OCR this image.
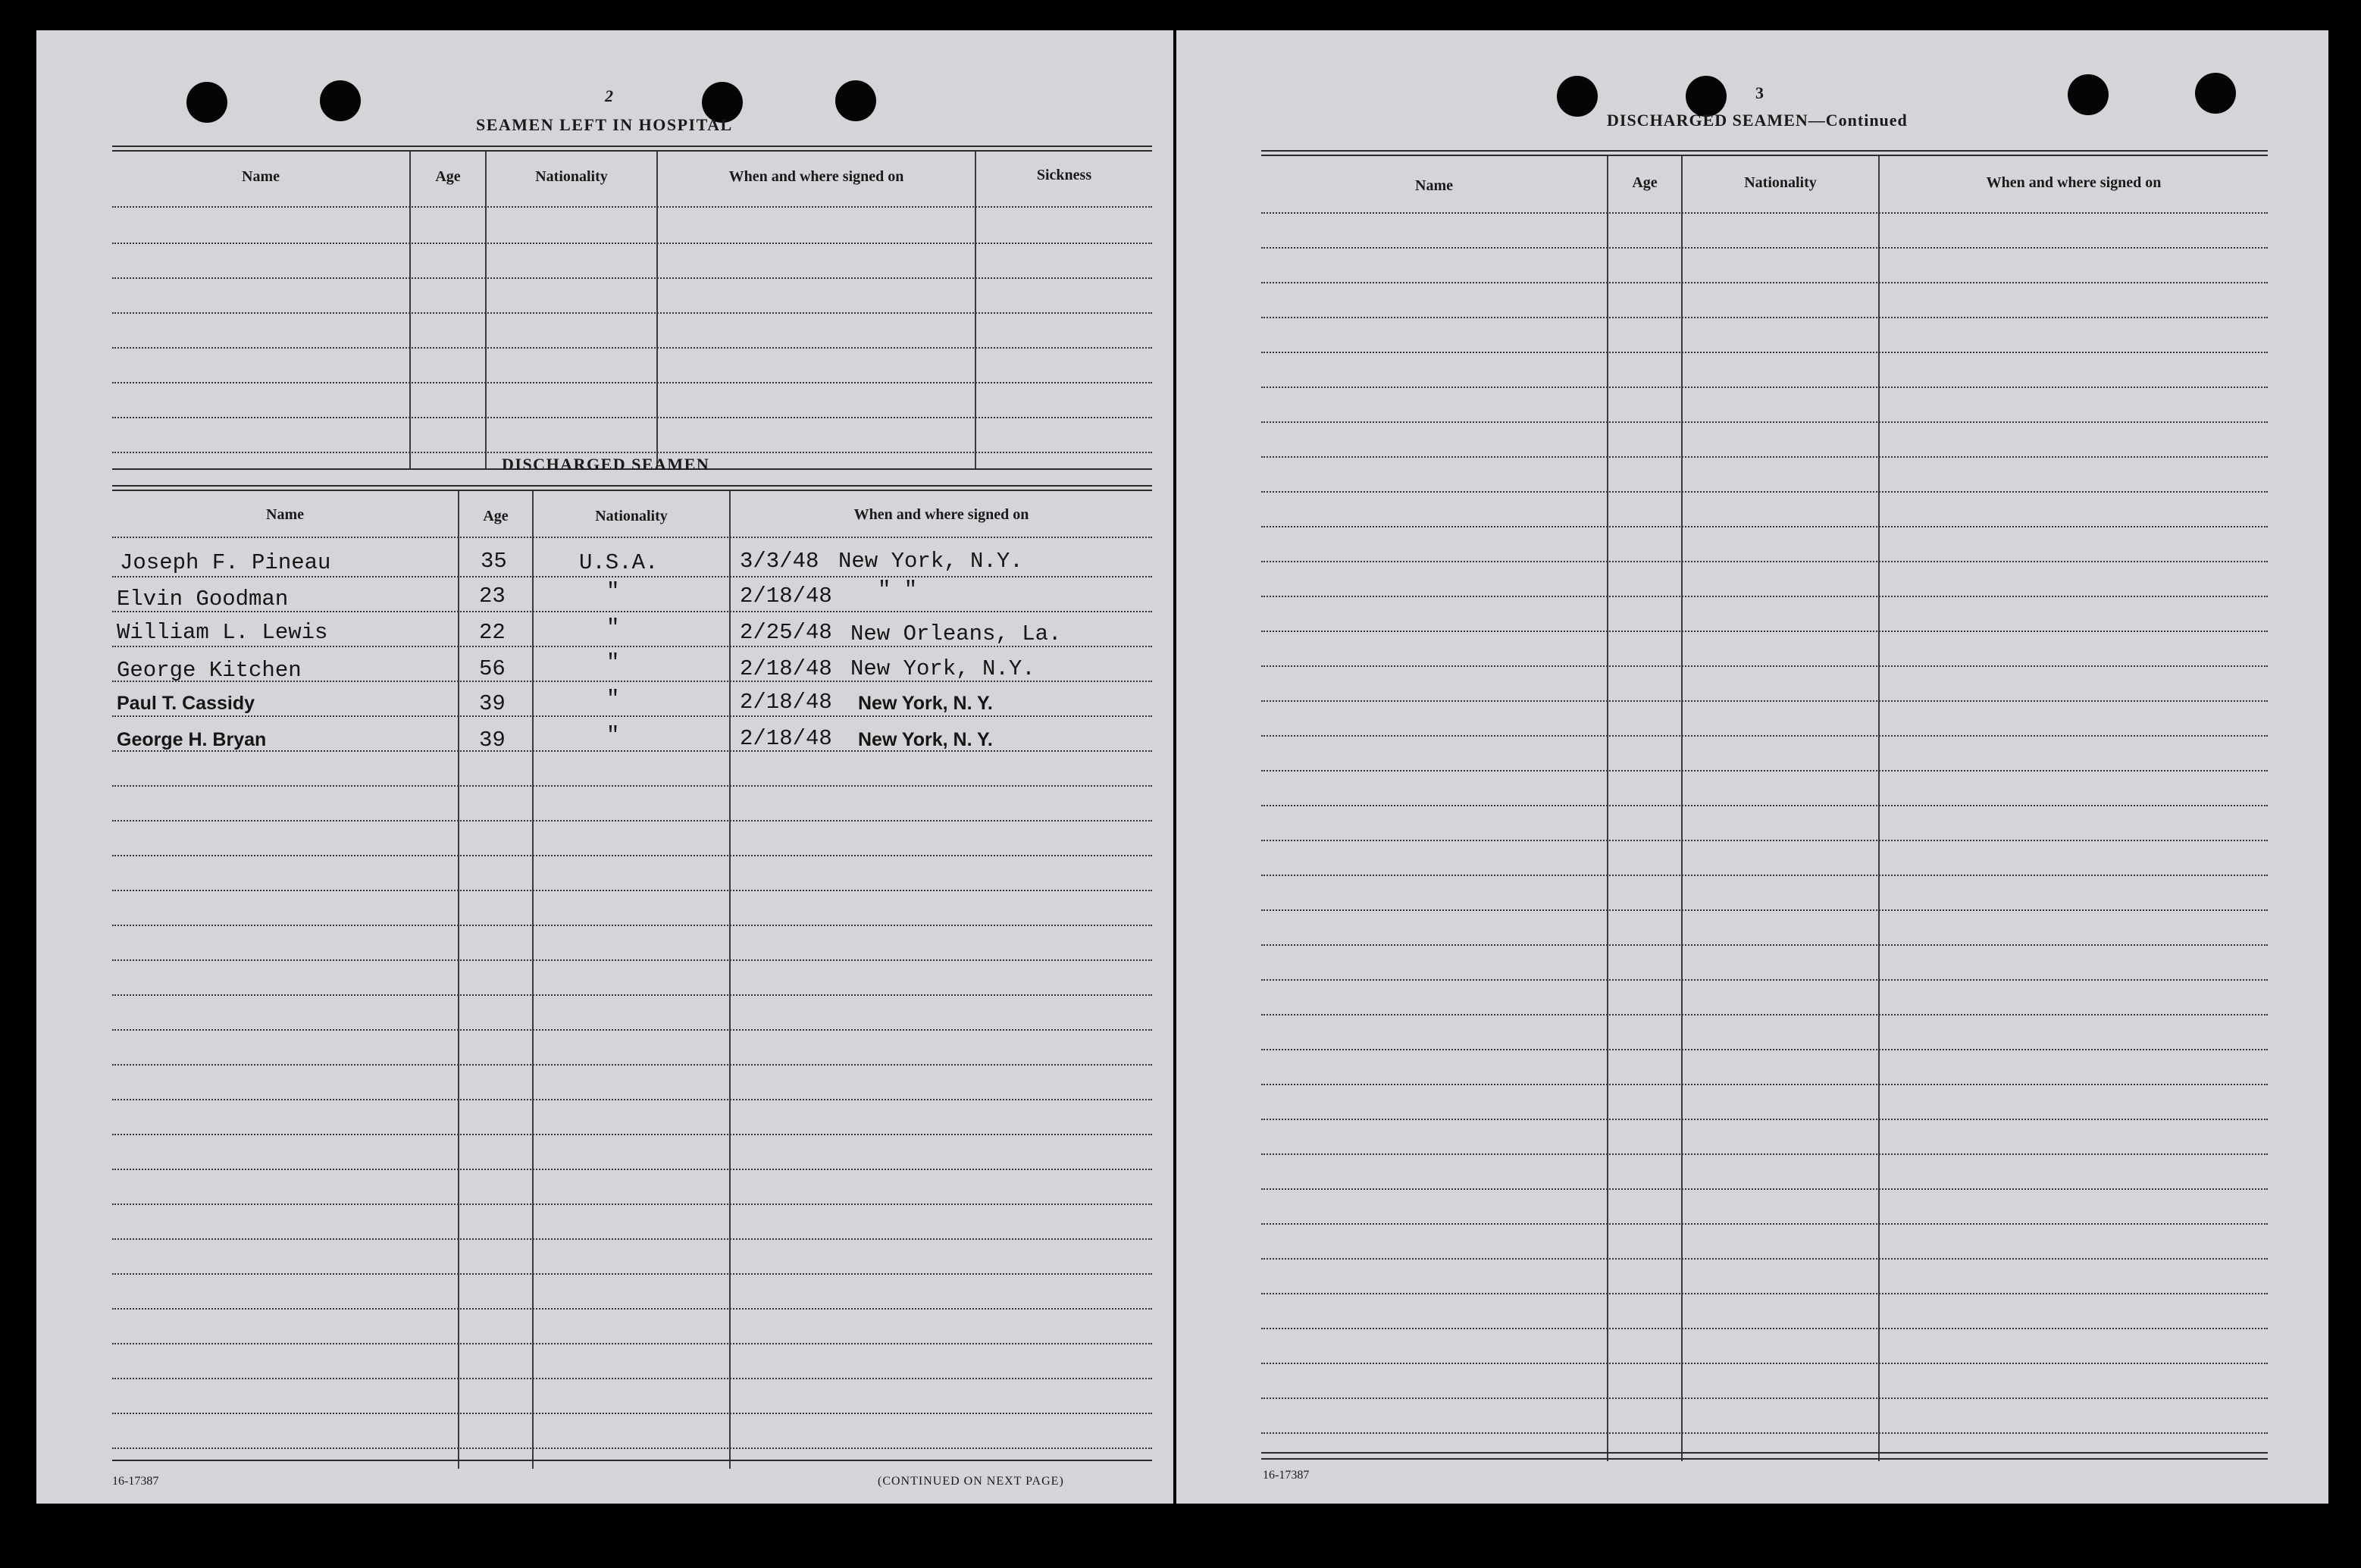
2
SEAMEN LEFT IN HOSPITAL
Name	Age	Nationality	When and where signed on	Sickness
DISCHARGED SEAMEN
Name	Age	Nationality	When and where signed on
Joseph F. Pineau	35	U.S.A.	3/3/48 New York, N.Y.
Elvin Goodman	23	"	2/18/48 " "
William L. Lewis	22	"	2/25/48 New Orleans, La.
George Kitchen	56	"	2/18/48 New York, N.Y.
Paul T. Cassidy	39	"	2/18/48 New York, N. Y.
George H. Bryan	39	"	2/18/48 New York, N. Y.
16-17387	(CONTINUED ON NEXT PAGE)
3
DISCHARGED SEAMEN—Continued
Name	Age	Nationality	When and where signed on
16-17387
